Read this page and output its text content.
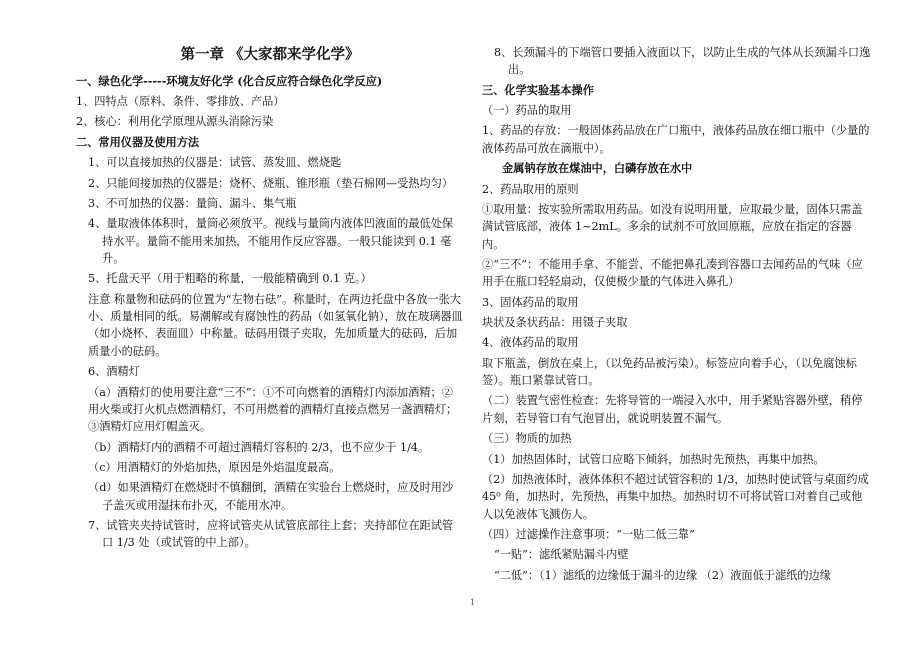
第一章 《大家都来学化学》

一、绿色化学-----环境友好化学 (化合反应符合绿色化学反应)

1、四特点（原料、条件、零排放、产品）

2、核心：利用化学原理从源头消除污染

二、常用仪器及使用方法

1、可以直接加热的仪器是：试管、蒸发皿、燃烧匙

2、只能间接加热的仪器是：烧杯、烧瓶、锥形瓶（垫石棉网—受热均匀）

3、不可加热的仪器：量筒、漏斗、集气瓶

4、量取液体体积时，量筒必须放平。视线与量筒内液体凹液面的最低处保持水平。量筒不能用来加热，不能用作反应容器。一般只能读到 0.1 毫升。

5、托盘天平（用于粗略的称量，一般能精确到 0.1 克。）

注意 称量物和砝码的位置为“左物右砝”。称量时，在两边托盘中各放一张大小、质量相同的纸。易潮解或有腐蚀性的药品（如氢氧化钠），放在玻璃器皿（如小烧杯、表面皿）中称量。砝码用镊子夹取，先加质量大的砝码，后加质量小的砝码。

6、酒精灯

（a）酒精灯的使用要注意“三不”：①不可向燃着的酒精灯内添加酒精；②用火柴或打火机点燃酒精灯，不可用燃着的酒精灯直接点燃另一盏酒精灯；③酒精灯应用灯帽盖灭。

（b）酒精灯内的酒精不可超过酒精灯容积的 2/3，也不应少于 1/4。

（c）用酒精灯的外焰加热，原因是外焰温度最高。

（d）如果酒精灯在燃烧时不慎翻倒，酒精在实验台上燃烧时，应及时用沙子盖灭或用湿抹布扑灭，不能用水冲。

7、试管夹夹持试管时，应将试管夹从试管底部往上套；夹持部位在距试管口 1/3 处（或试管的中上部）。

8、长颈漏斗的下端管口要插入液面以下，以防止生成的气体从长颈漏斗口逸出。

三、化学实验基本操作

（一）药品的取用

1、药品的存放：一般固体药品放在广口瓶中，液体药品放在细口瓶中（少量的液体药品可放在滴瓶中）。

金属钠存放在煤油中，白磷存放在水中

2、药品取用的原则

①取用量：按实验所需取用药品。如没有说明用量，应取最少量，固体只需盖满试管底部，液体 1~2mL。多余的试剂不可放回原瓶，应放在指定的容器内。

②“三不”：不能用手拿、不能尝、不能把鼻孔凑到容器口去闻药品的气味（应用手在瓶口轻轻扇动，仅使极少量的气体进入鼻孔）

3、固体药品的取用

块状及条状药品：用镊子夹取

4、液体药品的取用

取下瓶盖，倒放在桌上，（以免药品被污染）。标签应向着手心，（以免腐蚀标签）。瓶口紧靠试管口。

（二）装置气密性检查：先将导管的一端浸入水中，用手紧贴容器外壁，稍停片刻，若导管口有气泡冒出，就说明装置不漏气。

（三）物质的加热

（1）加热固体时，试管口应略下倾斜，加热时先预热，再集中加热。

（2）加热液体时，液体体积不超过试管容积的 1/3，加热时使试管与桌面约成 45⁰ 角，加热时，先预热，再集中加热。加热时切不可将试管口对着自己或他人以免液体飞溅伤人。

（四）过滤操作注意事项：“一贴二低三靠”

“一贴”：滤纸紧贴漏斗内壁

“二低”：（1）滤纸的边缘低于漏斗的边缘 （2）液面低于滤纸的边缘

1
